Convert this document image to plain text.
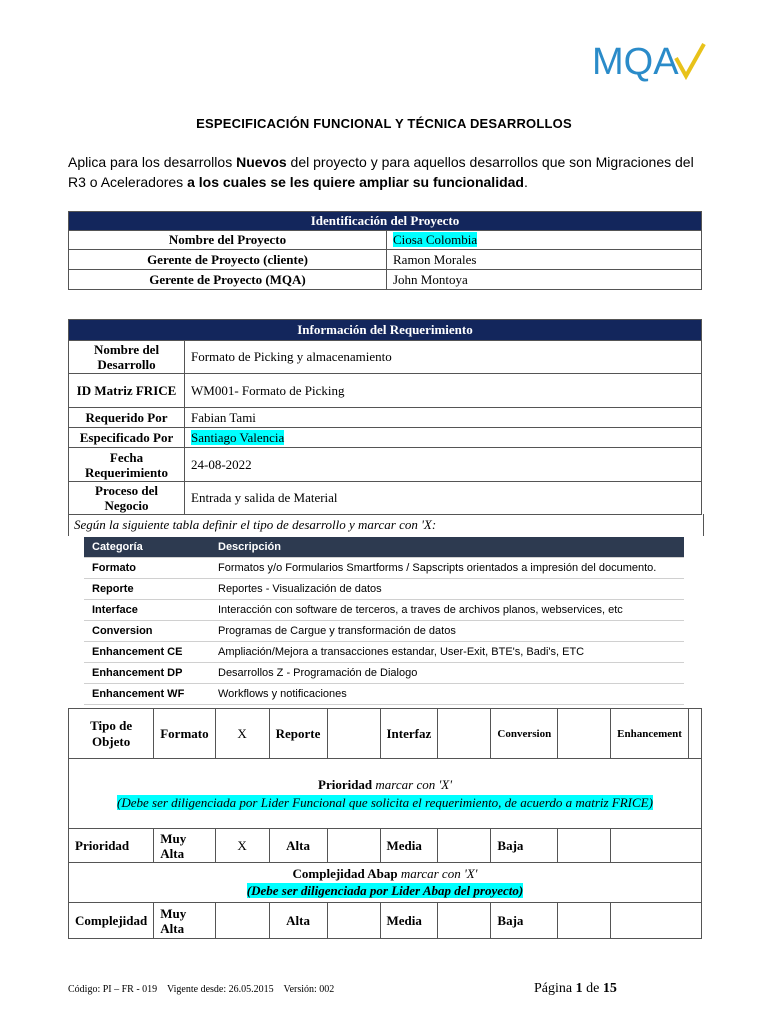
MQA
ESPECIFICACIÓN FUNCIONAL Y TÉCNICA DESARROLLOS
Aplica para los desarrollos Nuevos del proyecto y para aquellos desarrollos que son Migraciones del R3 o Aceleradores a los cuales se les quiere ampliar su funcionalidad.
Identificación del Proyecto	
Nombre del Proyecto	Ciosa Colombia
Gerente de Proyecto (cliente)	Ramon Morales
Gerente de Proyecto (MQA)	John Montoya
Información del Requerimiento	
Nombre del Desarrollo	Formato de Picking y almacenamiento
ID Matriz FRICE	WM001- Formato de Picking
Requerido Por	Fabian Tami
Especificado Por	Santiago Valencia
Fecha Requerimiento	24-08-2022
Proceso del Negocio	Entrada y salida de Material
Según la siguiente tabla definir el tipo de desarrollo y marcar con 'X:
Categoría	Descripción
Formato	Formatos y/o Formularios Smartforms / Sapscripts orientados a impresión del documento.
Reporte	Reportes - Visualización de datos
Interface	Interacción con software de terceros, a traves de archivos planos, webservices, etc
Conversion	Programas de Cargue y transformación de datos
Enhancement CE	Ampliación/Mejora a transacciones estandar, User-Exit, BTE's, Badi's, ETC
Enhancement DP	Desarrollos Z - Programación de Dialogo
Enhancement WF	Workflows y notificaciones
Tipo de Objeto	Formato	X	Reporte		Interfaz		Conversion		Enhancement	

Prioridad marcar con 'X'
(Debe ser diligenciada por Lider Funcional que solicita el requerimiento, de acuerdo a matriz FRICE)										

Prioridad	Muy Alta	X	Alta		Media		Baja			

Complejidad Abap marcar con 'X'
(Debe ser diligenciada por Lider Abap del proyecto)										

Complejidad	Muy Alta		Alta		Media		Baja			
Código: PI – FR - 019 Vigente desde: 26.05.2015 Versión: 002	Página 1 de 15
